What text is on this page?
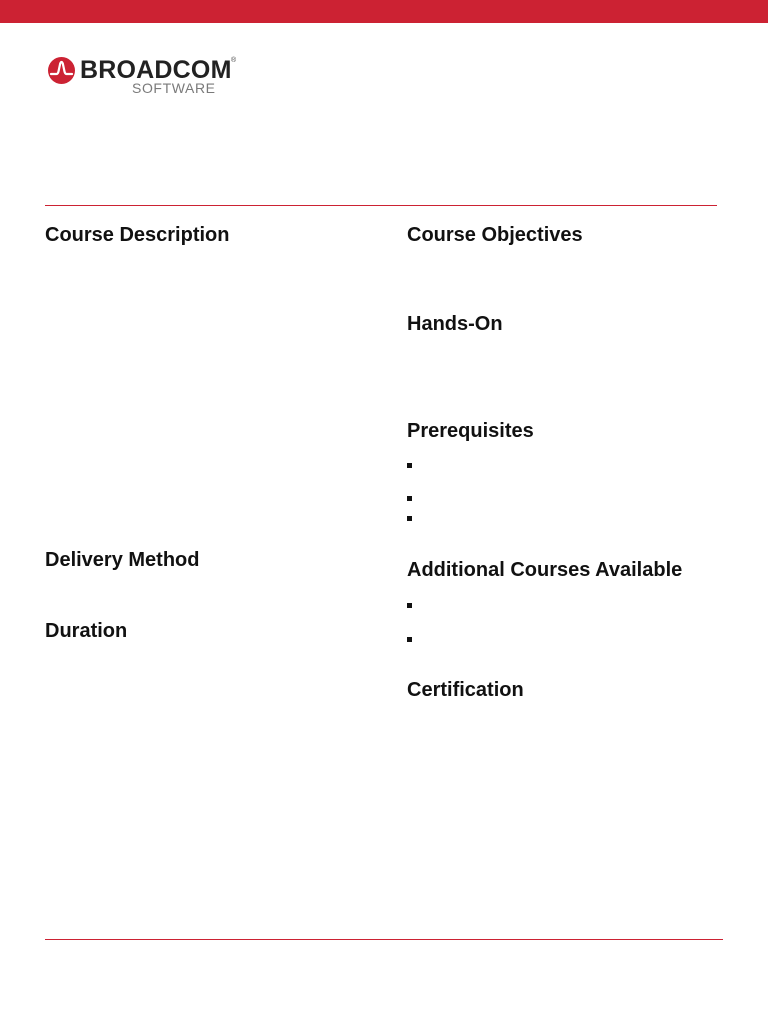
BROADCOM ®
SOFTWARE
Course Description
Delivery Method
Duration
Course Objectives
Hands-On
Prerequisites
Additional Courses Available
Certification
